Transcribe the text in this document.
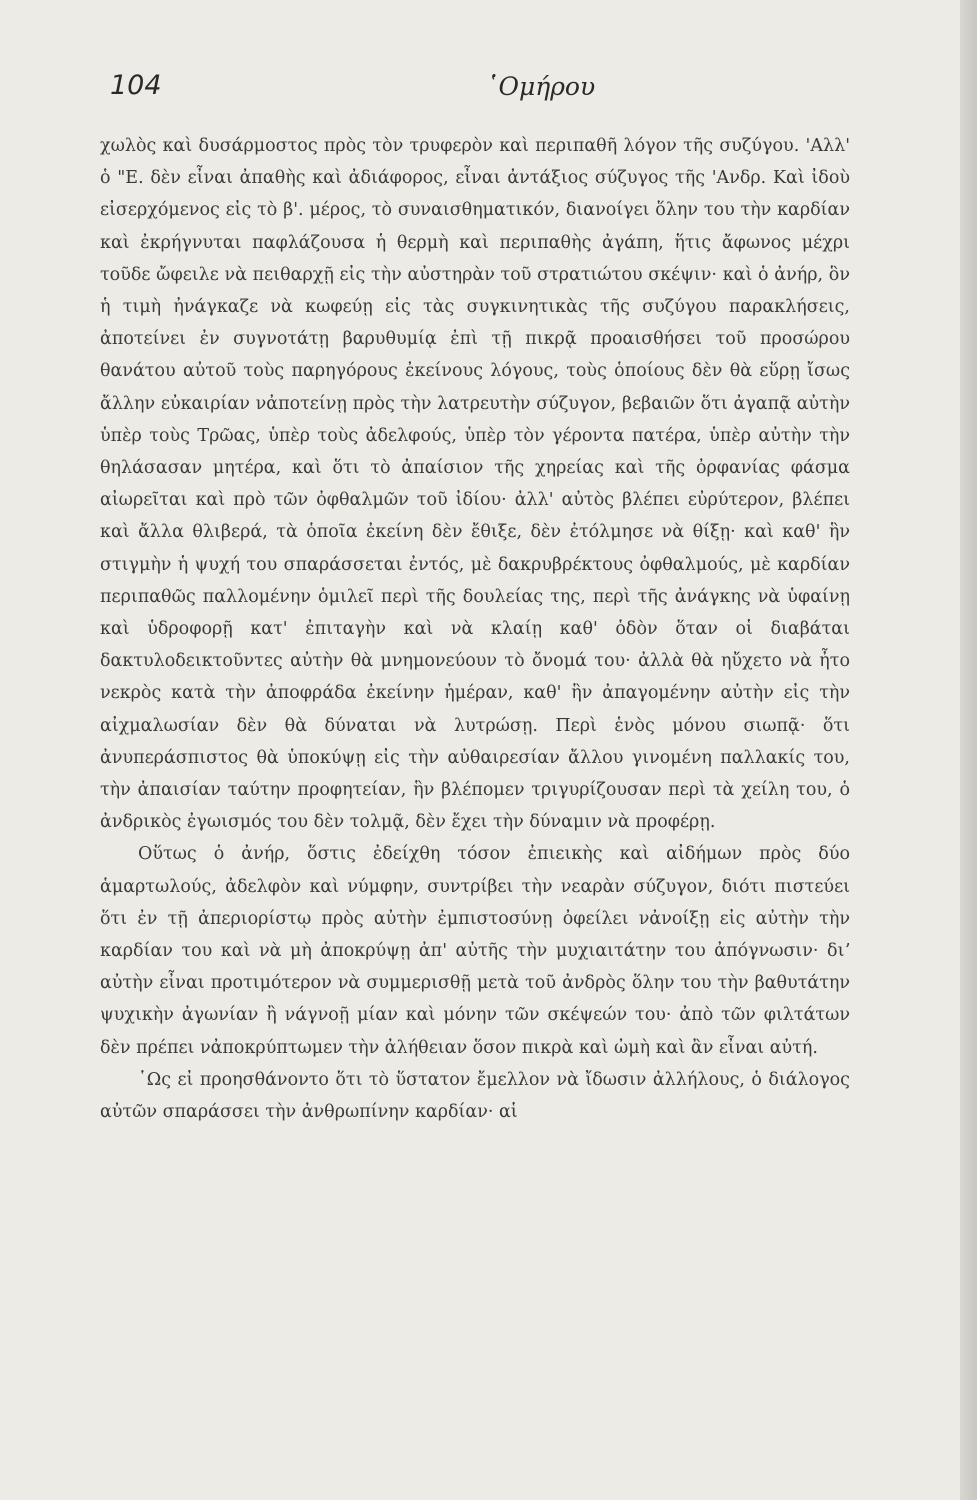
104	῾Ομήρου

χωλὸς καὶ δυσάρμοστος πρὸς τὸν τρυφερὸν καὶ περιπαθῆ λόγον τῆς συζύγου. 'Αλλ' ὁ "Ε. δὲν εἶναι ἀπαθὴς καὶ ἀδιάφορος, εἶναι ἀντάξιος σύζυγος τῆς 'Ανδρ. Καὶ ἰδοὺ εἰσερχόμενος εἰς τὸ β'. μέρος, τὸ συναισθηματικόν, διανοίγει ὅλην του τὴν καρδίαν καὶ ἐκρήγνυται παφλάζουσα ἡ θερμὴ καὶ περιπαθὴς ἀγάπη, ἥτις ἄφωνος μέχρι τοῦδε ὤφειλε νὰ πειθαρχῇ εἰς τὴν αὐστηρὰν τοῦ στρατιώτου σκέψιν· καὶ ὁ ἀνήρ, ὃν ἡ τιμὴ ἠνάγκαζε νὰ κωφεύῃ εἰς τὰς συγκινητικὰς τῆς συζύγου παρακλήσεις, ἀποτείνει ἐν συγνοτάτῃ βαρυθυμίᾳ ἐπὶ τῇ πικρᾷ προαισθήσει τοῦ προσώρου θανάτου αὐτοῦ τοὺς παρηγόρους ἐκείνους λόγους, τοὺς ὁποίους δὲν θὰ εὕρῃ ἴσως ἄλλην εὐκαιρίαν νἀποτείνῃ πρὸς τὴν λατρευτὴν σύζυγον, βεβαιῶν ὅτι ἀγαπᾷ αὐτὴν ὑπὲρ τοὺς Τρῶας, ὑπὲρ τοὺς ἀδελφούς, ὑπὲρ τὸν γέροντα πατέρα, ὑπὲρ αὐτὴν τὴν θηλάσασαν μητέρα, καὶ ὅτι τὸ ἀπαίσιον τῆς χηρείας καὶ τῆς ὀρφανίας φάσμα αἰωρεῖται καὶ πρὸ τῶν ὀφθαλμῶν τοῦ ἰδίου· ἀλλ' αὐτὸς βλέπει εὐρύτερον, βλέπει καὶ ἄλλα θλιβερά, τὰ ὁποῖα ἐκείνη δὲν ἔθιξε, δὲν ἐτόλμησε νὰ θίξῃ· καὶ καθ' ἣν στιγμὴν ἡ ψυχή του σπαράσσεται ἐντός, μὲ δακρυβρέκτους ὀφθαλμούς, μὲ καρδίαν περιπαθῶς παλλομένην ὁμιλεῖ περὶ τῆς δουλείας της, περὶ τῆς ἀνάγκης νὰ ὑφαίνῃ καὶ ὑδροφορῇ κατ' ἐπιταγὴν καὶ νὰ κλαίῃ καθ' ὁδὸν ὅταν οἱ διαβάται δακτυλοδεικτοῦντες αὐτὴν θὰ μνημονεύουν τὸ ὄνομά του· ἀλλὰ θὰ ηὔχετο νὰ ἦτο νεκρὸς κατὰ τὴν ἀποφράδα ἐκείνην ἡμέραν, καθ' ἣν ἀπαγομένην αὐτὴν εἰς τὴν αἰχμαλωσίαν δὲν θὰ δύναται νὰ λυτρώσῃ. Περὶ ἑνὸς μόνου σιωπᾷ· ὅτι ἀνυπεράσπιστος θὰ ὑποκύψῃ εἰς τὴν αὐθαιρεσίαν ἄλλου γινομένη παλλακίς του, τὴν ἀπαισίαν ταύτην προφητείαν, ἣν βλέπομεν τριγυρίζουσαν περὶ τὰ χείλη του, ὁ ἀνδρικὸς ἐγωισμός του δὲν τολμᾷ, δὲν ἔχει τὴν δύναμιν νὰ προφέρῃ.

Οὕτως ὁ ἀνήρ, ὅστις ἐδείχθη τόσον ἐπιεικὴς καὶ αἰδήμων πρὸς δύο ἁμαρτωλούς, ἀδελφὸν καὶ νύμφην, συντρίβει τὴν νεαρὰν σύζυγον, διότι πιστεύει ὅτι ἐν τῇ ἀπεριορίστῳ πρὸς αὐτὴν ἐμπιστοσύνῃ ὀφείλει νἀνοίξῃ εἰς αὐτὴν τὴν καρδίαν του καὶ νὰ μὴ ἀποκρύψῃ ἀπ' αὐτῆς τὴν μυχιαιτάτην του ἀπόγνωσιν· διʼ αὐτὴν εἶναι προτιμότερον νὰ συμμερισθῇ μετὰ τοῦ ἀνδρὸς ὅλην του τὴν βαθυτάτην ψυχικὴν ἀγωνίαν ἢ νάγνοῇ μίαν καὶ μόνην τῶν σκέψεών του· ἀπὸ τῶν φιλτάτων δὲν πρέπει νἀποκρύπτωμεν τὴν ἀλήθειαν ὅσον πικρὰ καὶ ὠμὴ καὶ ἂν εἶναι αὐτή.

῾Ως εἰ προησθάνοντο ὅτι τὸ ὕστατον ἔμελλον νὰ ἴδωσιν ἀλλήλους, ὁ διάλογος αὐτῶν σπαράσσει τὴν ἀνθρωπίνην καρδίαν· αἱ
